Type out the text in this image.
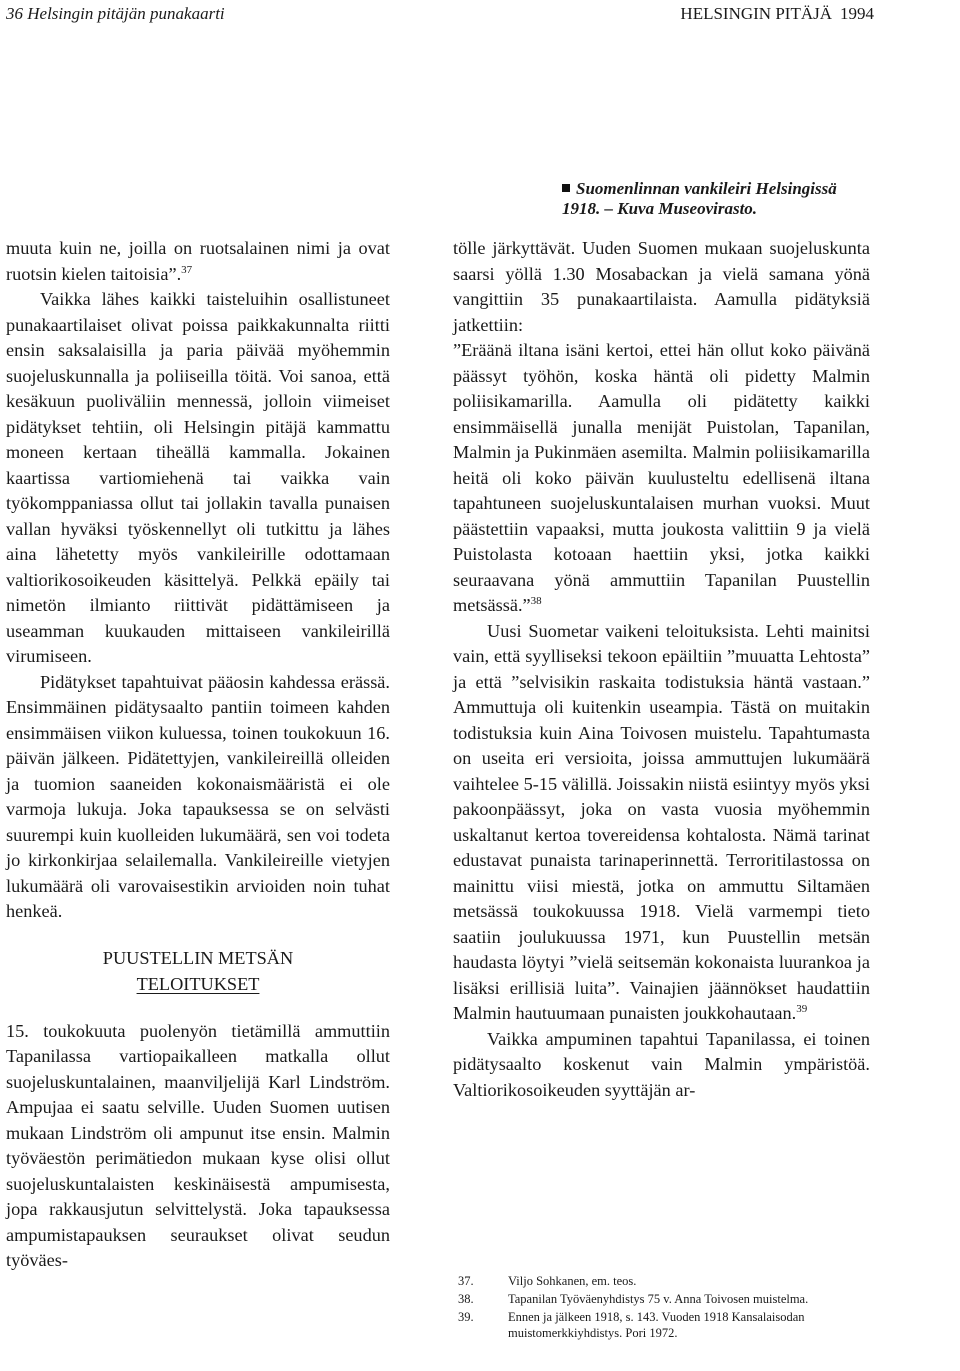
36 Helsingin pitäjän punakaarti	HELSINGIN PITÄJÄ 1994
Suomenlinnan vankileiri Helsingissä 1918. – Kuva Museovirasto.

muuta kuin ne, joilla on ruotsalainen nimi ja ovat ruotsin kielen taitoisia”.$^{37}$

Vaikka lähes kaikki taisteluihin osallistuneet punakaartilaiset olivat poissa paikkakunnalta riitti ensin saksalaisilla ja paria päivää myöhemmin suojeluskunnalla ja poliiseilla töitä. Voi sanoa, että kesäkuun puoliväliin mennessä, jolloin viimeiset pidätykset tehtiin, oli Helsingin pitäjä kammattu moneen kertaan tiheällä kammalla. Jokainen kaartissa vartiomiehenä tai vaikka vain työkomppaniassa ollut tai jollakin tavalla punaisen vallan hyväksi työskennellyt oli tutkittu ja lähes aina lähetetty myös vankileirille odottamaan valtiorikosoikeuden käsittelyä. Pelkkä epäily tai nimetön ilmianto riittivät pidättämiseen ja useamman kuukauden mittaiseen vankileirillä virumiseen.

Pidätykset tapahtuivat pääosin kahdessa erässä. Ensimmäinen pidätysaalto pantiin toimeen kahden ensimmäisen viikon kuluessa, toinen toukokuun 16. päivän jälkeen. Pidätettyjen, vankileireillä olleiden ja tuomion saaneiden kokonaismääristä ei ole varmoja lukuja. Joka tapauksessa se on selvästi suurempi kuin kuolleiden lukumäärä, sen voi todeta jo kirkonkirjaa selailemalla. Vankileireille vietyjen lukumäärä oli varovaisestikin arvioiden noin tuhat henkeä.

PUUSTELLIN METSÄN
TELOITUKSET

15. toukokuuta puolenyön tietämillä ammuttiin Tapanilassa vartiopaikalleen matkalla ollut suojeluskuntalainen, maanviljelijä Karl Lindström. Ampujaa ei saatu selville. Uuden Suomen uutisen mukaan Lindström oli ampunut itse ensin. Malmin työväestön perimätiedon mukaan kyse olisi ollut suojeluskuntalaisten keskinäisestä ampumisesta, jopa rakkausjutun selvittelystä. Joka tapauksessa ampumistapauksen seuraukset olivat seudun työväes-

tölle järkyttävät. Uuden Suomen mukaan suojeluskunta saarsi yöllä 1.30 Mosabackan ja vielä samana yönä vangittiin 35 punakaartilaista. Aamulla pidätyksiä jatkettiin:

”Eräänä iltana isäni kertoi, ettei hän ollut koko päivänä päässyt työhön, koska häntä oli pidetty Malmin poliisikamarilla. Aamulla oli pidätetty kaikki ensimmäisellä junalla menijät Puistolan, Tapanilan, Malmin ja Pukinmäen asemilta. Malmin poliisikamarilla heitä oli koko päivän kuulusteltu edellisenä iltana tapahtuneen suojeluskuntalaisen murhan vuoksi. Muut päästettiin vapaaksi, mutta joukosta valittiin 9 ja vielä Puistolasta kotoaan haettiin yksi, jotka kaikki seuraavana yönä ammuttiin Tapanilan Puustellin metsässä.”$^{38}$

Uusi Suometar vaikeni teloituksista. Lehti mainitsi vain, että syylliseksi tekoon epäiltiin ”muuatta Lehtosta” ja että ”selvisikin raskaita todistuksia häntä vastaan.” Ammuttuja oli kuitenkin useampia. Tästä on muitakin todistuksia kuin Aina Toivosen muistelu. Tapahtumasta on useita eri versioita, joissa ammuttujen lukumäärä vaihtelee 5-15 välillä. Joissakin niistä esiintyy myös yksi pakoonpäässyt, joka on vasta vuosia myöhemmin uskaltanut kertoa tovereidensa kohtalosta. Nämä tarinat edustavat punaista tarinaperinnettä. Terroritilastossa on mainittu viisi miestä, jotka on ammuttu Siltamäen metsässä toukokuussa 1918. Vielä varmempi tieto saatiin joulukuussa 1971, kun Puustellin metsän haudasta löytyi ”vielä seitsemän kokonaista luurankoa ja lisäksi erillisiä luita”. Vainajien jäännökset haudattiin Malmin hautuumaan punaisten joukkohautaan.$^{39}$

Vaikka ampuminen tapahtui Tapanilassa, ei toinen pidätysaalto koskenut vain Malmin ympäristöä. Valtiorikosoikeuden syyttäjän ar-

37.	Viljo Sohkanen, em. teos.
38.	Tapanilan Työväenyhdistys 75 v. Anna Toivosen muistelma.
39.	Ennen ja jälkeen 1918, s. 143. Vuoden 1918 Kansalaisodan muistomerkkiyhdistys. Pori 1972.
